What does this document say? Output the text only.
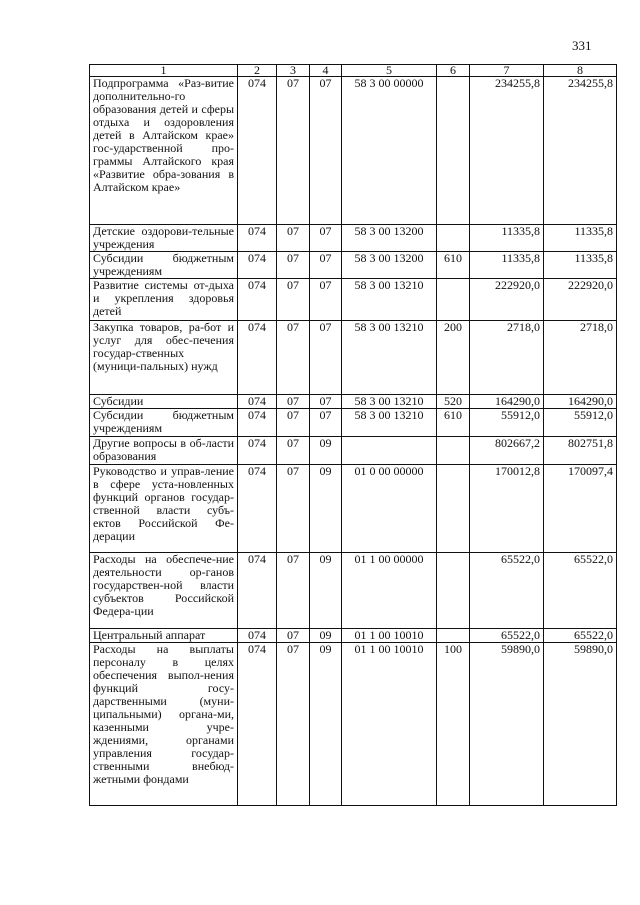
331
1	2	3	4	5	6	7	8
Подпрограмма «Раз-витие дополнительно-го образования детей и сферы отдыха и оздоровления детей в Алтайском крае» гос-ударственной про-граммы Алтайского края «Развитие обра-зования в Алтайском крае»	074	07	07	58 3 00 00000		234255,8	234255,8
Детские оздорови-тельные учреждения	074	07	07	58 3 00 13200		11335,8	11335,8
Субсидии бюджетным учреждениям	074	07	07	58 3 00 13200	610	11335,8	11335,8
Развитие системы от-дыха и укрепления здоровья детей	074	07	07	58 3 00 13210		222920,0	222920,0
Закупка товаров, ра-бот и услуг для обес-печения государ-ственных (муници-пальных) нужд	074	07	07	58 3 00 13210	200	2718,0	2718,0
Субсидии	074	07	07	58 3 00 13210	520	164290,0	164290,0
Субсидии бюджетным учреждениям	074	07	07	58 3 00 13210	610	55912,0	55912,0
Другие вопросы в об-ласти образования	074	07	09			802667,2	802751,8
Руководство и управ-ление в сфере уста-новленных функций органов государ-ственной власти субъ-ектов Российской Фе-дерации	074	07	09	01 0 00 00000		170012,8	170097,4
Расходы на обеспече-ние деятельности ор-ганов государствен-ной власти субъектов Российской Федера-ции	074	07	09	01 1 00 00000		65522,0	65522,0
Центральный аппарат	074	07	09	01 1 00 10010		65522,0	65522,0
Расходы на выплаты персоналу в целях обеспечения выпол-нения функций госу-дарственными (муни-ципальными) органа-ми, казенными учре-ждениями, органами управления государ-ственными внебюд-жетными фондами	074	07	09	01 1 00 10010	100	59890,0	59890,0
